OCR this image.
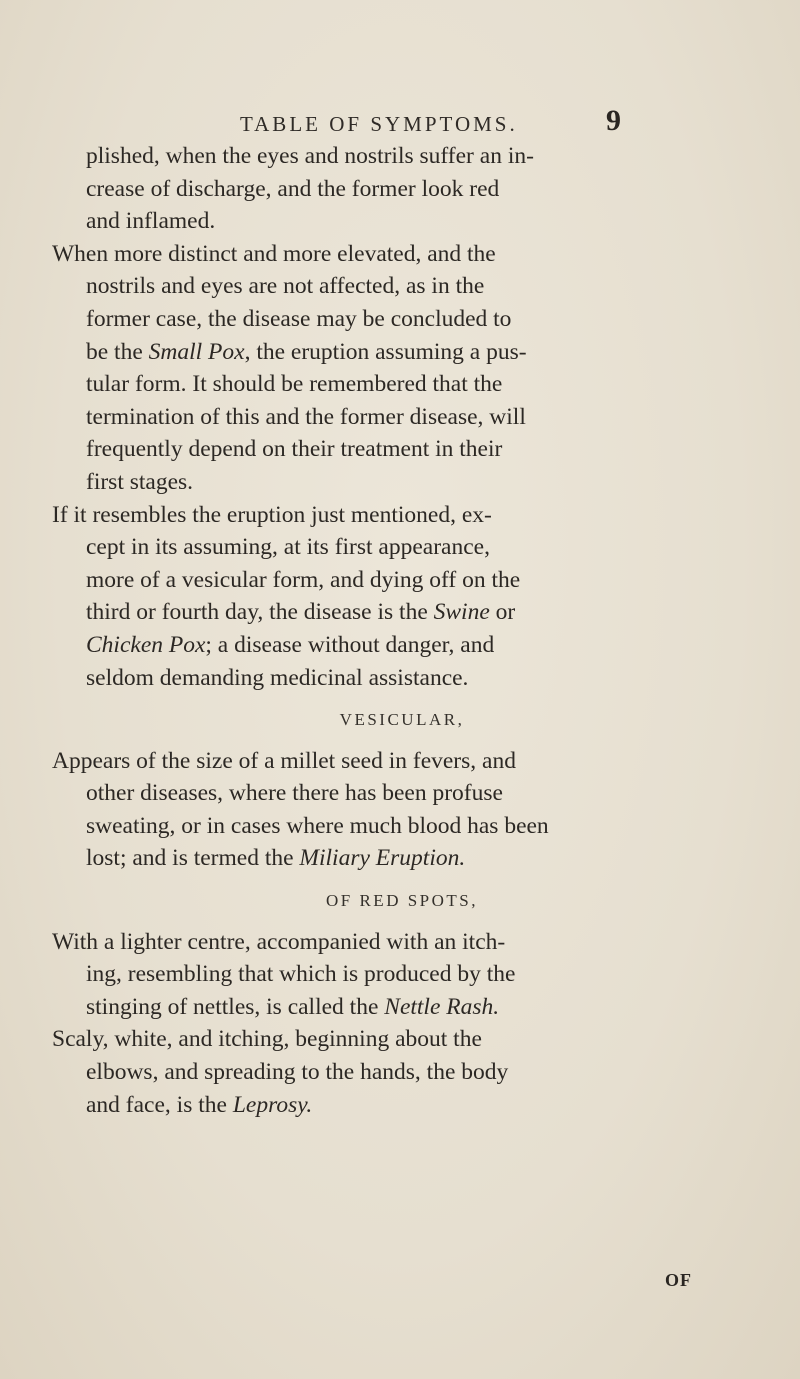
TABLE OF SYMPTOMS.	9
plished, when the eyes and nostrils suffer an in-
crease of discharge, and the former look red
and inflamed.
When more distinct and more elevated, and the
nostrils and eyes are not affected, as in the
former case, the disease may be concluded to
be the Small Pox, the eruption assuming a pus-
tular form. It should be remembered that the
termination of this and the former disease, will
frequently depend on their treatment in their
first stages.
If it resembles the eruption just mentioned, ex-
cept in its assuming, at its first appearance,
more of a vesicular form, and dying off on the
third or fourth day, the disease is the Swine or
Chicken Pox; a disease without danger, and
seldom demanding medicinal assistance.
VESICULAR,
Appears of the size of a millet seed in fevers, and
other diseases, where there has been profuse
sweating, or in cases where much blood has been
lost; and is termed the Miliary Eruption.
OF RED SPOTS,
With a lighter centre, accompanied with an itch-
ing, resembling that which is produced by the
stinging of nettles, is called the Nettle Rash.
Scaly, white, and itching, beginning about the
elbows, and spreading to the hands, the body
and face, is the Leprosy.
OF
